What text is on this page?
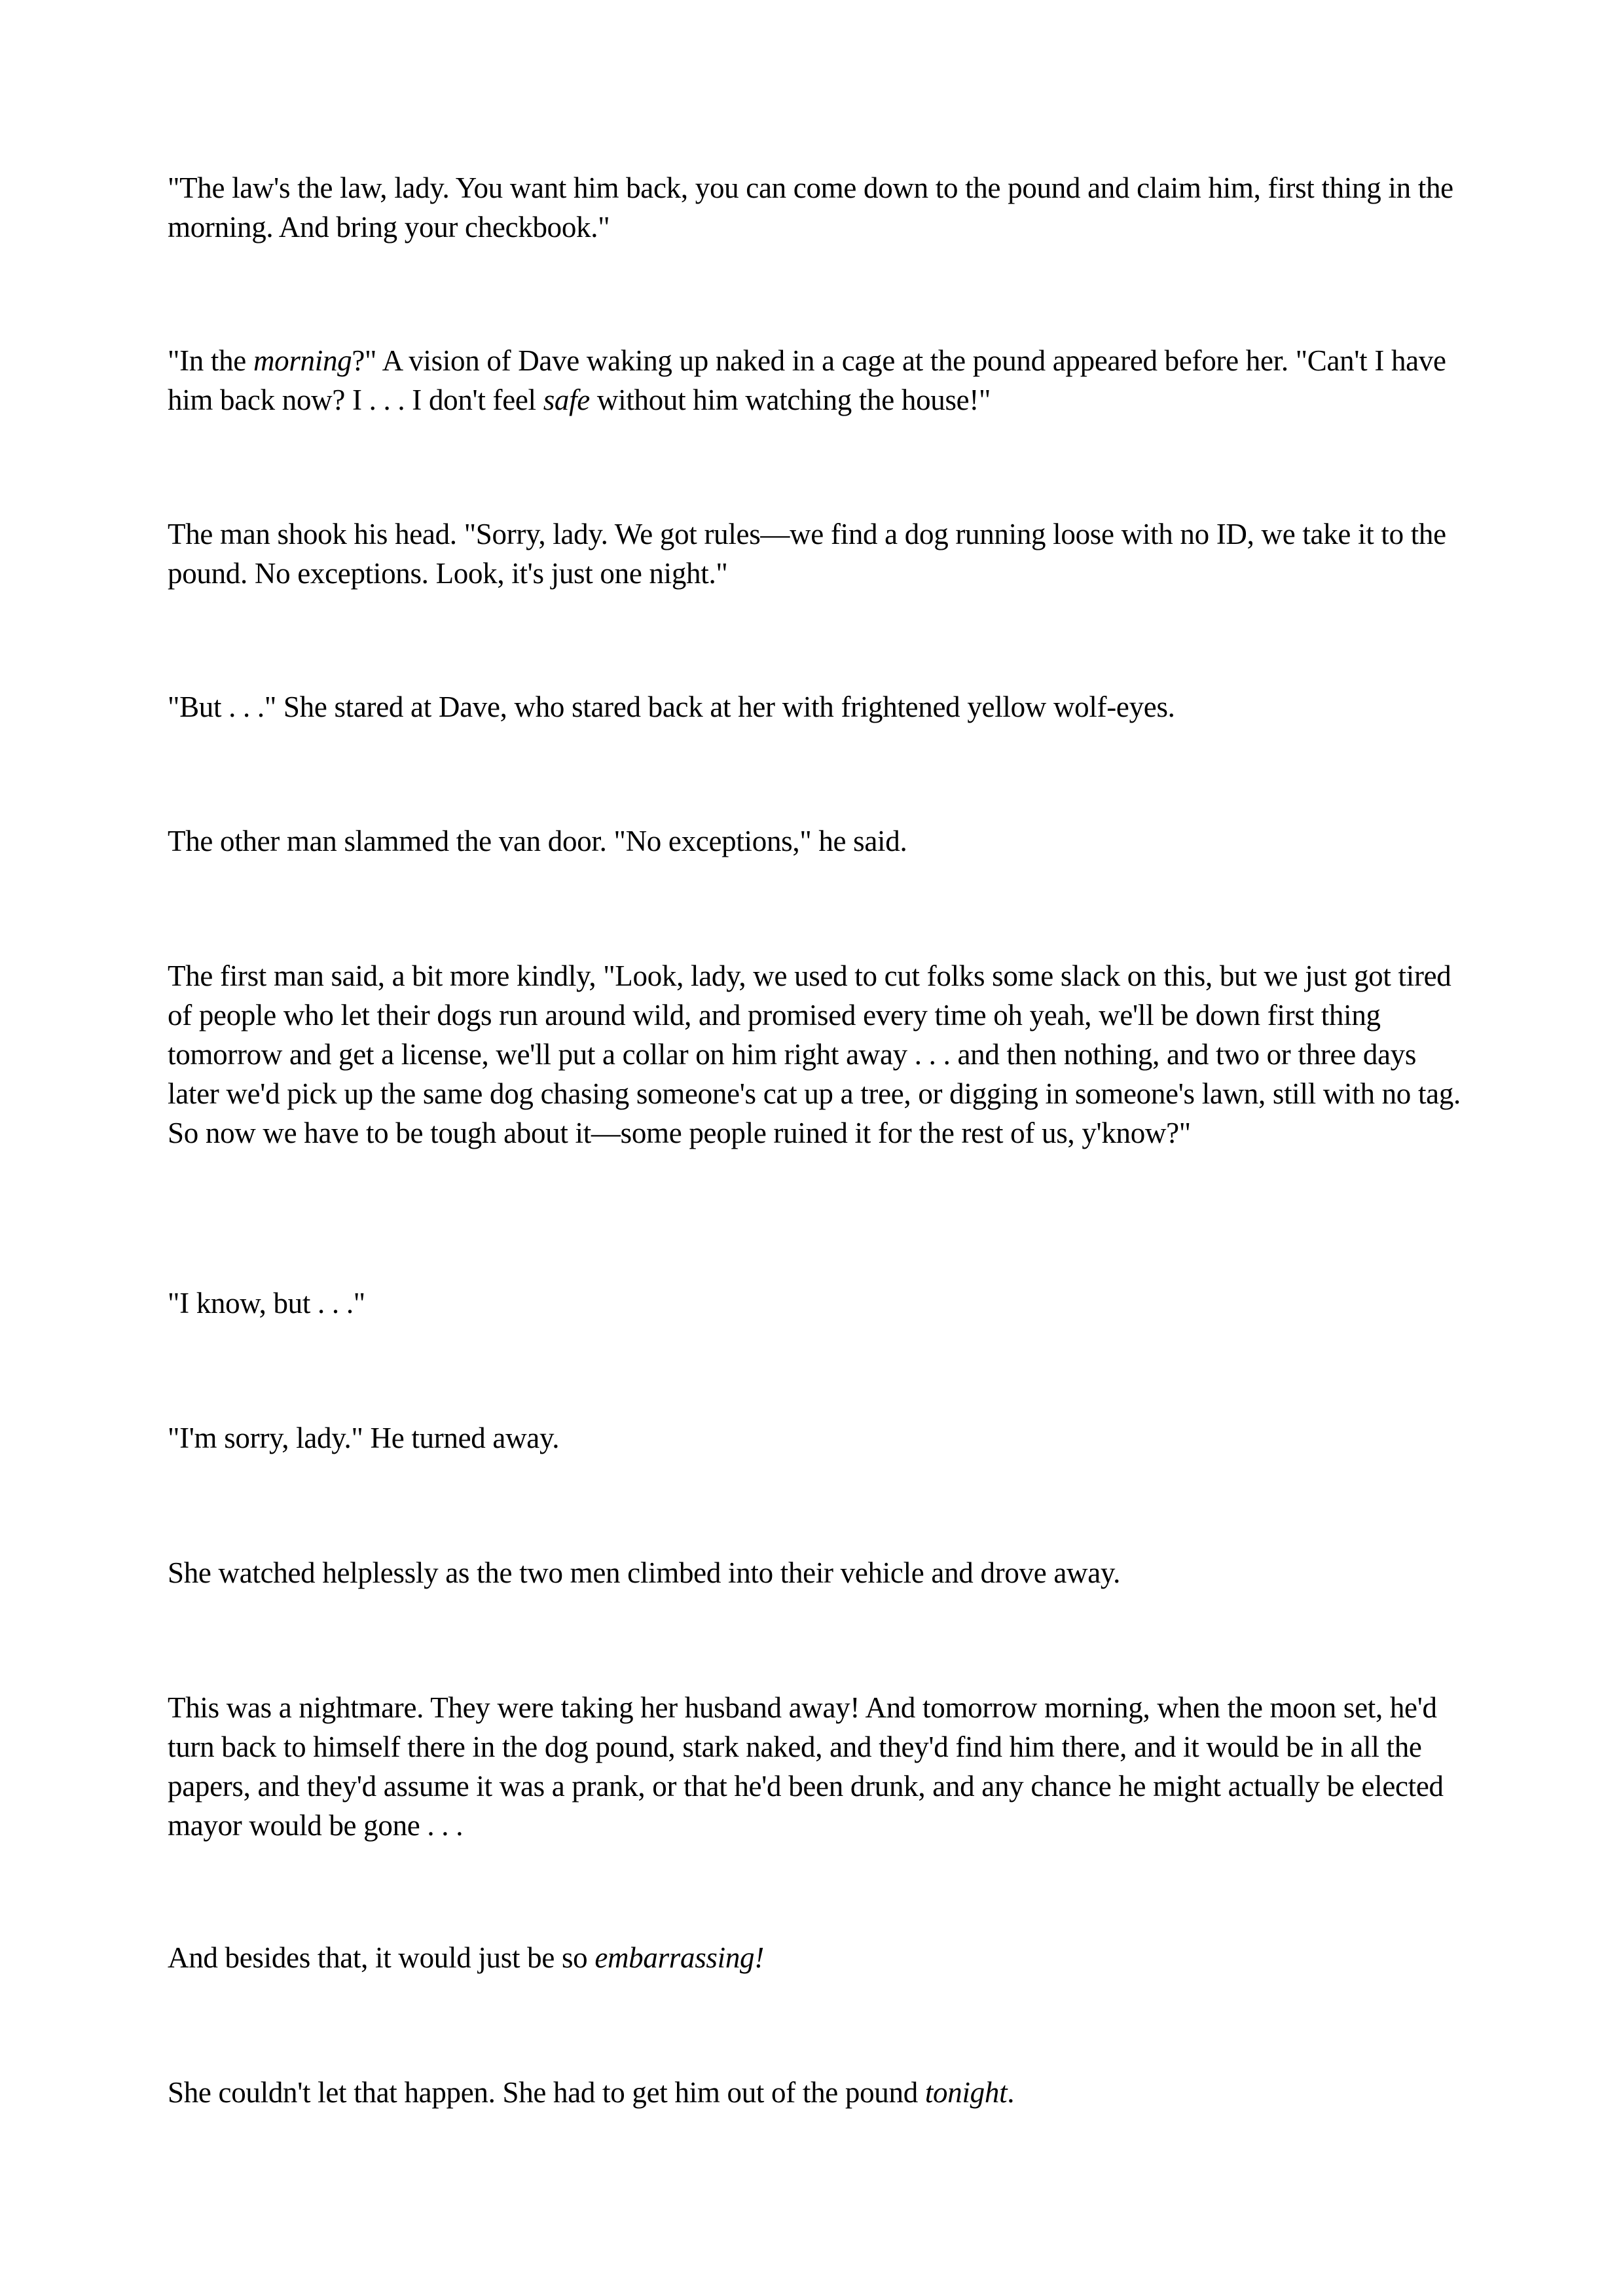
"The law's the law, lady. You want him back, you can come down to the pound and claim him, first thing in the morning. And bring your checkbook."

"In the morning?" A vision of Dave waking up naked in a cage at the pound appeared before her. "Can't I have him back now? I . . . I don't feel safe without him watching the house!"

The man shook his head. "Sorry, lady. We got rules—we find a dog running loose with no ID, we take it to the pound. No exceptions. Look, it's just one night."

"But . . ." She stared at Dave, who stared back at her with frightened yellow wolf-eyes.

The other man slammed the van door. "No exceptions," he said.

The first man said, a bit more kindly, "Look, lady, we used to cut folks some slack on this, but we just got tired of people who let their dogs run around wild, and promised every time oh yeah, we'll be down first thing tomorrow and get a license, we'll put a collar on him right away . . . and then nothing, and two or three days later we'd pick up the same dog chasing someone's cat up a tree, or digging in someone's lawn, still with no tag. So now we have to be tough about it—some people ruined it for the rest of us, y'know?"

"I know, but . . ."

"I'm sorry, lady." He turned away.

She watched helplessly as the two men climbed into their vehicle and drove away.

This was a nightmare. They were taking her husband away! And tomorrow morning, when the moon set, he'd turn back to himself there in the dog pound, stark naked, and they'd find him there, and it would be in all the papers, and they'd assume it was a prank, or that he'd been drunk, and any chance he might actually be elected mayor would be gone . . .

And besides that, it would just be so embarrassing!

She couldn't let that happen. She had to get him out of the pound tonight.
